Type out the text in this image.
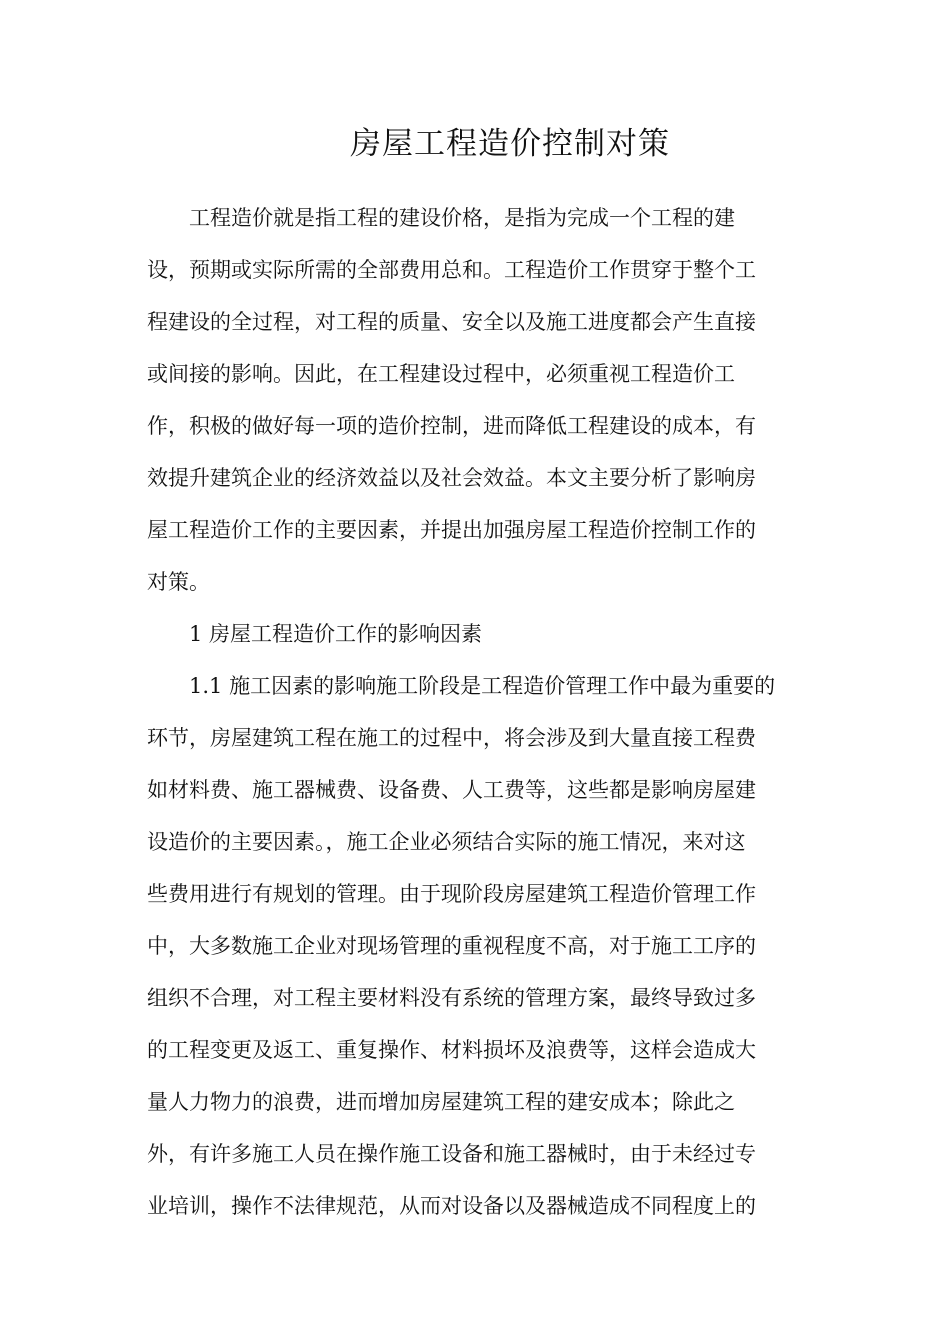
房屋工程造价控制对策
工程造价就是指工程的建设价格，是指为完成一个工程的建
设，预期或实际所需的全部费用总和。工程造价工作贯穿于整个工
程建设的全过程，对工程的质量、安全以及施工进度都会产生直接
或间接的影响。因此，在工程建设过程中，必须重视工程造价工
作，积极的做好每一项的造价控制，进而降低工程建设的成本，有
效提升建筑企业的经济效益以及社会效益。本文主要分析了影响房
屋工程造价工作的主要因素，并提出加强房屋工程造价控制工作的
对策。
1 房屋工程造价工作的影响因素
1.1 施工因素的影响施工阶段是工程造价管理工作中最为重要的
环节，房屋建筑工程在施工的过程中，将会涉及到大量直接工程费
如材料费、施工器械费、设备费、人工费等，这些都是影响房屋建
设造价的主要因素。，施工企业必须结合实际的施工情况，来对这
些费用进行有规划的管理。由于现阶段房屋建筑工程造价管理工作
中，大多数施工企业对现场管理的重视程度不高，对于施工工序的
组织不合理，对工程主要材料没有系统的管理方案，最终导致过多
的工程变更及返工、重复操作、材料损坏及浪费等，这样会造成大
量人力物力的浪费，进而增加房屋建筑工程的建安成本；除此之
外，有许多施工人员在操作施工设备和施工器械时，由于未经过专
业培训，操作不法律规范，从而对设备以及器械造成不同程度上的
